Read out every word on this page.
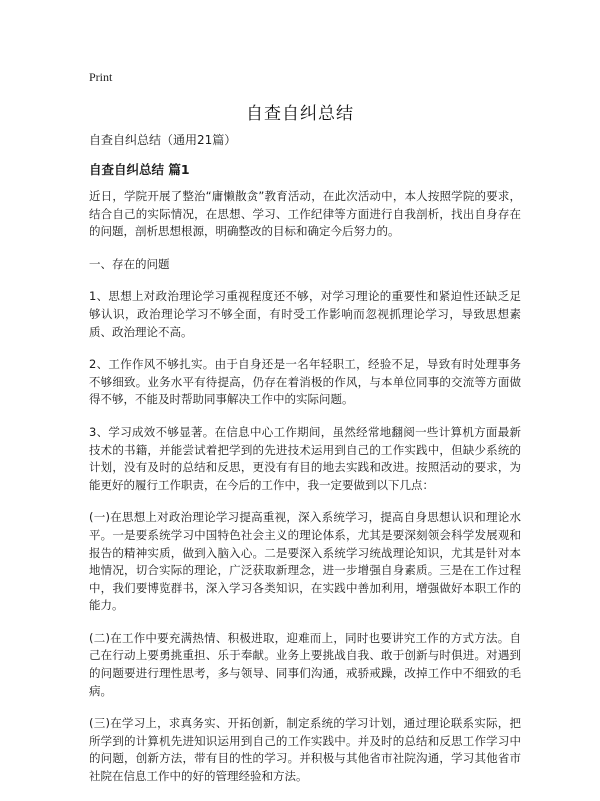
Print
自查自纠总结
自查自纠总结（通用21篇）
自查自纠总结 篇1

近日，学院开展了整治“庸懒散贪”教育活动，在此次活动中，本人按照学院的要求，结合自己的实际情况，在思想、学习、工作纪律等方面进行自我剖析，找出自身存在的问题，剖析思想根源，明确整改的目标和确定今后努力的。

一、存在的问题

1、思想上对政治理论学习重视程度还不够，对学习理论的重要性和紧迫性还缺乏足够认识，政治理论学习不够全面，有时受工作影响而忽视抓理论学习，导致思想素质、政治理论不高。

2、工作作风不够扎实。由于自身还是一名年轻职工，经验不足，导致有时处理事务不够细致。业务水平有待提高，仍存在着消极的作风，与本单位同事的交流等方面做得不够，不能及时帮助同事解决工作中的实际问题。

3、学习成效不够显著。在信息中心工作期间，虽然经常地翻阅一些计算机方面最新技术的书籍，并能尝试着把学到的先进技术运用到自己的工作实践中，但缺少系统的计划，没有及时的总结和反思，更没有有目的地去实践和改进。按照活动的要求，为能更好的履行工作职责，在今后的工作中，我一定要做到以下几点：

(一)在思想上对政治理论学习提高重视，深入系统学习，提高自身思想认识和理论水平。一是要系统学习中国特色社会主义的理论体系，尤其是要深刻领会科学发展观和报告的精神实质，做到入脑入心。二是要深入系统学习统战理论知识，尤其是针对本地情况，切合实际的理论，广泛获取新理念，进一步增强自身素质。三是在工作过程中，我们要博览群书，深入学习各类知识，在实践中善加利用，增强做好本职工作的能力。

(二)在工作中要充满热情、积极进取，迎难而上，同时也要讲究工作的方式方法。自己在行动上要勇挑重担、乐于奉献。业务上要挑战自我、敢于创新与时俱进。对遇到的问题要进行理性思考，多与领导、同事们沟通，戒骄戒躁，改掉工作中不细致的毛病。

(三)在学习上，求真务实、开拓创新，制定系统的学习计划，通过理论联系实际，把所学到的计算机先进知识运用到自己的工作实践中。并及时的总结和反思工作学习中的问题，创新方法，带有目的性的学习。并积极与其他省市社院沟通，学习其他省市社院在信息工作中的好的管理经验和方法。
